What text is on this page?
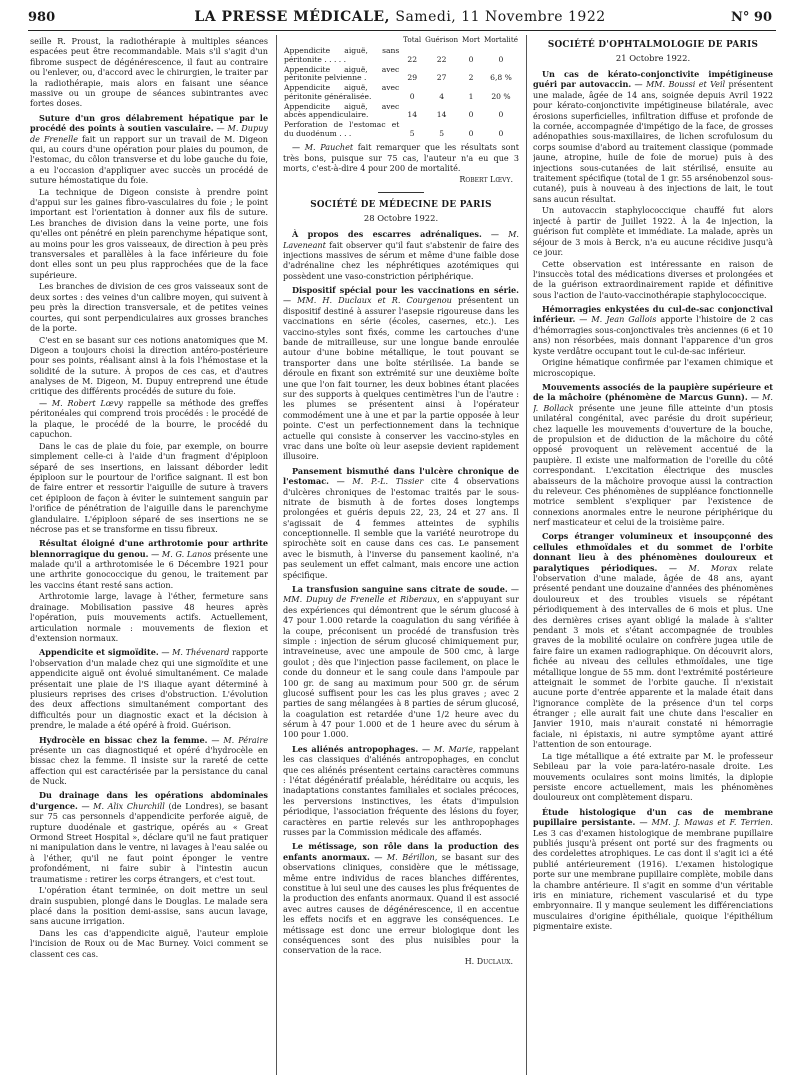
980	LA PRESSE MÉDICALE, Samedi, 11 Novembre 1922	N° 90

seille R. Proust, la radiothérapie à multiples séances espacées peut être recommandable. Mais s'il s'agit d'un fibrome suspect de dégénérescence, il faut au contraire ou l'enlever, ou, d'accord avec le chirurgien, le traiter par la radiothérapie, mais alors en faisant une séance massive ou un groupe de séances subintrantes avec fortes doses.

Suture d'un gros délabrement hépatique par le procédé des points à soutien vasculaire. — M. Dupuy de Frenelle fait un rapport sur un travail de M. Digeon qui, au cours d'une opération pour plaies du poumon, de l'estomac, du côlon transverse et du lobe gauche du foie, a eu l'occasion d'appliquer avec succès un procédé de suture hémostatique du foie.

La technique de Digeon consiste à prendre point d'appui sur les gaines fibro-vasculaires du foie ; le point important est l'orientation à donner aux fils de suture. Les branches de division dans la veine porte, une fois qu'elles ont pénétré en plein parenchyme hépatique sont, au moins pour les gros vaisseaux, de direction à peu près transversales et parallèles à la face inférieure du foie dont elles sont un peu plus rapprochées que de la face supérieure.

Les branches de division de ces gros vaisseaux sont de deux sortes : des veines d'un calibre moyen, qui suivent à peu près la direction transversale, et de petites veines courtes, qui sont perpendiculaires aux grosses branches de la porte.

C'est en se basant sur ces notions anatomiques que M. Digeon a toujours choisi la direction antéro-postérieure pour ses points, réalisant ainsi à la fois l'hémostase et la solidité de la suture. À propos de ces cas, et d'autres analyses de M. Digeon, M. Dupuy entreprend une étude critique des différents procédés de suture du foie.

— M. Robert Lœvy rappelle sa méthode des greffes péritonéales qui comprend trois procédés : le procédé de la plaque, le procédé de la bourre, le procédé du capuchon.

Dans le cas de plaie du foie, par exemple, on bourre simplement celle-ci à l'aide d'un fragment d'épiploon séparé de ses insertions, en laissant déborder ledit épiploon sur le pourtour de l'orifice saignant. Il est bon de faire entrer et ressortir l'aiguille de suture à travers cet épiploon de façon à éviter le suintement sanguin par l'orifice de pénétration de l'aiguille dans le parenchyme glandulaire. L'épiploon séparé de ses insertions ne se nécrose pas et se transforme en tissu fibreux.

Résultat éloigné d'une arthrotomie pour arthrite blennorragique du genou. — M. G. Lanos présente une malade qu'il a arthrotomisée le 6 Décembre 1921 pour une arthrite gonococcique du genou, le traitement par les vaccins étant resté sans action.

Arthrotomie large, lavage à l'éther, fermeture sans drainage. Mobilisation passive 48 heures après l'opération, puis mouvements actifs. Actuellement, articulation normale : mouvements de flexion et d'extension normaux.

Appendicite et sigmoïdite. — M. Thévenard rapporte l'observation d'un malade chez qui une sigmoïdite et une appendicite aiguë ont évolué simultanément. Ce malade présentait une plaie de l'S iliaque ayant déterminé à plusieurs reprises des crises d'obstruction. L'évolution des deux affections simultanément comportant des difficultés pour un diagnostic exact et la décision à prendre, le malade a été opéré à froid. Guérison.

Hydrocèle en bissac chez la femme. — M. Péraire présente un cas diagnostiqué et opéré d'hydrocèle en bissac chez la femme. Il insiste sur la rareté de cette affection qui est caractérisée par la persistance du canal de Nuck.

Du drainage dans les opérations abdominales d'urgence. — M. Alix Churchill (de Londres), se basant sur 75 cas personnels d'appendicite perforée aiguë, de rupture duodénale et gastrique, opérés au « Great Ormond Street Hospital », déclare qu'il ne faut pratiquer ni manipulation dans le ventre, ni lavages à l'eau salée ou à l'éther, qu'il ne faut point éponger le ventre profondément, ni faire subir à l'intestin aucun traumatisme : retirer les corps étrangers, et c'est tout.

L'opération étant terminée, on doit mettre un seul drain suspubien, plongé dans le Douglas. Le malade sera placé dans la position demi-assise, sans aucun lavage, sans aucune irrigation.

Dans les cas d'appendicite aiguë, l'auteur emploie l'incision de Roux ou de Mac Burney. Voici comment se classent ces cas.

	Total	Guérison	Mort	Mortalité
Appendicite aiguë, sans péritonite . . . . .	22	22	0	0
Appendicite aiguë, avec péritonite pelvienne .	29	27	2	6,8 %
Appendicite aiguë, avec péritonite généralisée.	0	4	1	20 %
Appendicite aiguë, avec abcès appendiculaire.	14	14	0	0
Perforation de l'estomac et du duodénum . . .	5	5	0	0

— M. Pauchet fait remarquer que les résultats sont très bons, puisque sur 75 cas, l'auteur n'a eu que 3 morts, c'est-à-dire 4 pour 200 de mortalité.

Robert Lœvy.
SOCIÉTÉ DE MÉDECINE DE PARIS
28 Octobre 1922.

À propos des escarres adrénaliques. — M. Laveneant fait observer qu'il faut s'abstenir de faire des injections massives de sérum et même d'une faible dose d'adrénaline chez les néphrétiques azotémiques qui possèdent une vaso-constriction périphérique.

Dispositif spécial pour les vaccinations en série. — MM. H. Duclaux et R. Courgenou présentent un dispositif destiné à assurer l'asepsie rigoureuse dans les vaccinations en série (écoles, casernes, etc.). Les vaccino-styles sont fixés, comme les cartouches d'une bande de mitrailleuse, sur une longue bande enroulée autour d'une bobine métallique, le tout pouvant se transporter dans une boîte stérilisée. La bande se déroule en fixant son extrémité sur une deuxième boîte une que l'on fait tourner, les deux bobines étant placées sur des supports à quelques centimètres l'un de l'autre : les plumes se présentent ainsi à l'opérateur commodément une à une et par la partie opposée à leur pointe. C'est un perfectionnement dans la technique actuelle qui consiste à conserver les vaccino-styles en vrac dans une boîte où leur asepsie devient rapidement illusoire.

Pansement bismuthé dans l'ulcère chronique de l'estomac. — M. P.-L. Tissier cite 4 observations d'ulcères chroniques de l'estomac traités par le sous-nitrate de bismuth à de fortes doses longtemps prolongées et guéris depuis 22, 23, 24 et 27 ans. Il s'agissait de 4 femmes atteintes de syphilis conceptionnelle. Il semble que la variété neurotrope du spirochète soit en cause dans ces cas. Le pansement avec le bismuth, à l'inverse du pansement kaoliné, n'a pas seulement un effet calmant, mais encore une action spécifique.

La transfusion sanguine sans citrate de soude. — MM. Dupuy de Frenelle et Riberaux, en s'appuyant sur des expériences qui démontrent que le sérum glucosé à 47 pour 1.000 retarde la coagulation du sang vérifiée à la coupe, préconisent un procédé de transfusion très simple : injection de sérum glucosé chimiquement pur, intraveineuse, avec une ampoule de 500 cmc, à large goulot ; dès que l'injection passe facilement, on place le conde du donneur et le sang coule dans l'ampoule par 100 gr. de sang au maximum pour 500 gr. de sérum glucosé suffisent pour les cas les plus graves ; avec 2 parties de sang mélangées à 8 parties de sérum glucosé, la coagulation est retardée d'une 1/2 heure avec du sérum à 47 pour 1.000 et de 1 heure avec du sérum à 100 pour 1.000.

Les aliénés antropophages. — M. Marie, rappelant les cas classiques d'aliénés antropophages, en conclut que ces aliénés présentent certains caractères communs : l'état dégénératif préalable, héréditaire ou acquis, les inadaptations constantes familiales et sociales précoces, les perversions instinctives, les états d'impulsion périodique, l'association fréquente des lésions du foyer, caractères en partie relevés sur les anthropophages russes par la Commission médicale des affamés.

Le métissage, son rôle dans la production des enfants anormaux. — M. Bérillon, se basant sur des observations cliniques, considère que le métissage, même entre individus de races blanches différentes, constitue à lui seul une des causes les plus fréquentes de la production des enfants anormaux. Quand il est associé avec autres causes de dégénérescence, il en accentue les effets nocifs et en aggrave les conséquences. Le métissage est donc une erreur biologique dont les conséquences sont des plus nuisibles pour la conservation de la race.

H. Duclaux.
SOCIÉTÉ D'OPHTALMOLOGIE DE PARIS
21 Octobre 1922.

Un cas de kérato-conjonctivite impétigineuse guéri par autovaccin. — MM. Boussi et Veil présentent une malade, âgée de 14 ans, soignée depuis Avril 1922 pour kérato-conjonctivite impétigineuse bilatérale, avec érosions superficielles, infiltration diffuse et profonde de la cornée, accompagnée d'impétigo de la face, de grosses adénopathies sous-maxillaires, de lichen scrofulosum du corps soumise d'abord au traitement classique (pommade jaune, atropine, huile de foie de morue) puis à des injections sous-cutanées de lait stérilisé, ensuite au traitement spécifique (total de 1 gr. 55 arsénobenzol sous-cutané), puis à nouveau à des injections de lait, le tout sans aucun résultat.

Un autovaccin staphylococcique chauffé fut alors injecté à partir de Juillet 1922. À la 4e injection, la guérison fut complète et immédiate. La malade, après un séjour de 3 mois à Berck, n'a eu aucune récidive jusqu'à ce jour.

Cette observation est intéressante en raison de l'insuccès total des médications diverses et prolongées et de la guérison extraordinairement rapide et définitive sous l'action de l'auto-vaccinothérapie staphylococcique.

Hémorragies enkystées du cul-de-sac conjonctival inférieur. — M. Jean Gallois apporte l'histoire de 2 cas d'hémorragies sous-conjonctivales très anciennes (6 et 10 ans) non résorbées, mais donnant l'apparence d'un gros kyste verdâtre occupant tout le cul-de-sac inférieur.

Origine hématique confirmée par l'examen chimique et microscopique.

Mouvements associés de la paupière supérieure et de la mâchoire (phénomène de Marcus Gunn). — M. J. Bollack présente une jeune fille atteinte d'un ptosis unilatéral congénital, avec parésie du droit supérieur, chez laquelle les mouvements d'ouverture de la bouche, de propulsion et de diduction de la mâchoire du côté opposé provoquent un relèvement accentué de la paupière. Il existe une malformation de l'oreille du côté correspondant. L'excitation électrique des muscles abaisseurs de la mâchoire provoque aussi la contraction du releveur. Ces phénomènes de suppléance fonctionnelle motrice semblent s'expliquer par l'existence de connexions anormales entre le neurone périphérique du nerf masticateur et celui de la troisième paire.

Corps étranger volumineux et insoupçonné des cellules ethmoïdales et du sommet de l'orbite donnant lieu à des phénomènes douloureux et paralytiques périodiques. — M. Morax relate l'observation d'une malade, âgée de 48 ans, ayant présenté pendant une douzaine d'années des phénomènes douloureux et des troubles visuels se répétant périodiquement à des intervalles de 6 mois et plus. Une des dernières crises ayant obligé la malade à s'aliter pendant 3 mois et s'étant accompagnée de troubles graves de la mobilité oculaire on confrère jugea utile de faire faire un examen radiographique. On découvrit alors, fichée au niveau des cellules ethmoïdales, une tige métallique longue de 55 mm. dont l'extrémité postérieure atteignait le sommet de l'orbite gauche. Il n'existait aucune porte d'entrée apparente et la malade était dans l'ignorance complète de la présence d'un tel corps étranger ; elle aurait fait une chute dans l'escalier en Janvier 1910, mais n'aurait constaté ni hémorragie faciale, ni épistaxis, ni autre symptôme ayant attiré l'attention de son entourage.

La tige métallique a été extraite par M. le professeur Sebileau par la voie para-latéro-nasale droite. Les mouvements oculaires sont moins limités, la diplopie persiste encore actuellement, mais les phénomènes douloureux ont complètement disparu.

Étude histologique d'un cas de membrane pupillaire persistante. — MM. J. Mawas et F. Terrien. Les 3 cas d'examen histologique de membrane pupillaire publiés jusqu'à présent ont porté sur des fragments ou des cordelettes atrophiques. Le cas dont il s'agit ici a été publié antérieurement (1916). L'examen histologique porte sur une membrane pupillaire complète, mobile dans la chambre antérieure. Il s'agit en somme d'un véritable iris en miniature, richement vascularisé et du type embryonnaire. Il y manque seulement les différenciations musculaires d'origine épithéliale, quoique l'épithélium pigmentaire existe.
